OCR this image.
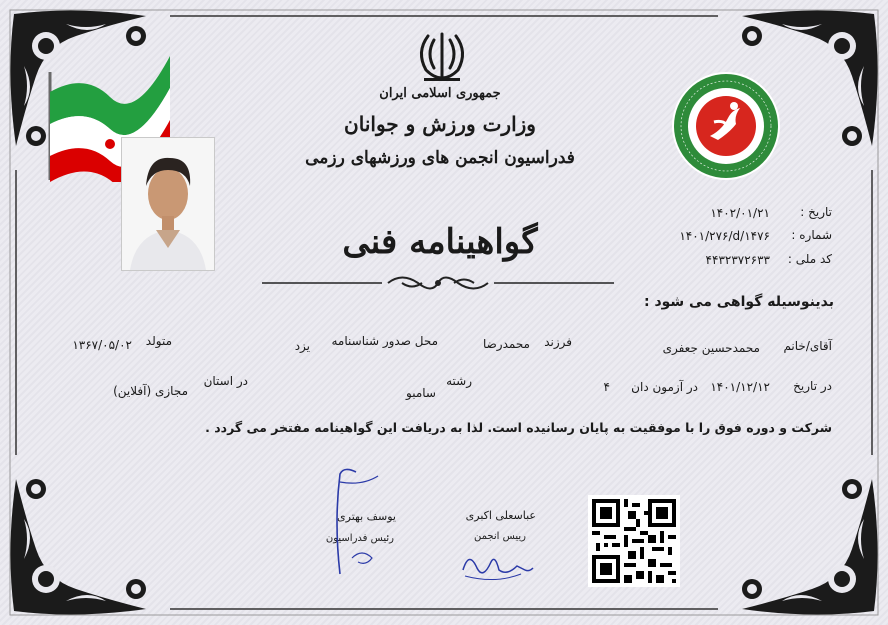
جمهوری اسلامی ایران
وزارت ورزش و جوانان
فدراسیون انجمن های ورزشهای رزمی
تاریخ :
۱۴۰۲/۰۱/۲۱
شماره :
۱۴۰۱/۲۷۶/d/۱۴۷۶
کد ملی :
۴۴۳۲۳۷۲۶۳۳
گواهینامه فنی
بدینوسیله گواهی می شود :
آقای/خانم
محمدحسین جعفری
فرزند
محمدرضا
محل صدور شناسنامه
یزد
متولد
۱۳۶۷/۰۵/۰۲
در تاریخ
۱۴۰۱/۱۲/۱۲
در آزمون دان
۴
رشته
سامبو
در استان
مجازی (آفلاین)
شرکت و دوره فوق را با موفقیت به پایان رسانیده است. لذا به دریافت این گواهینامه مفتخر می گردد .
عباسعلی اکبری
رییس انجمن
یوسف بهتری
رئیس فدراسیون
